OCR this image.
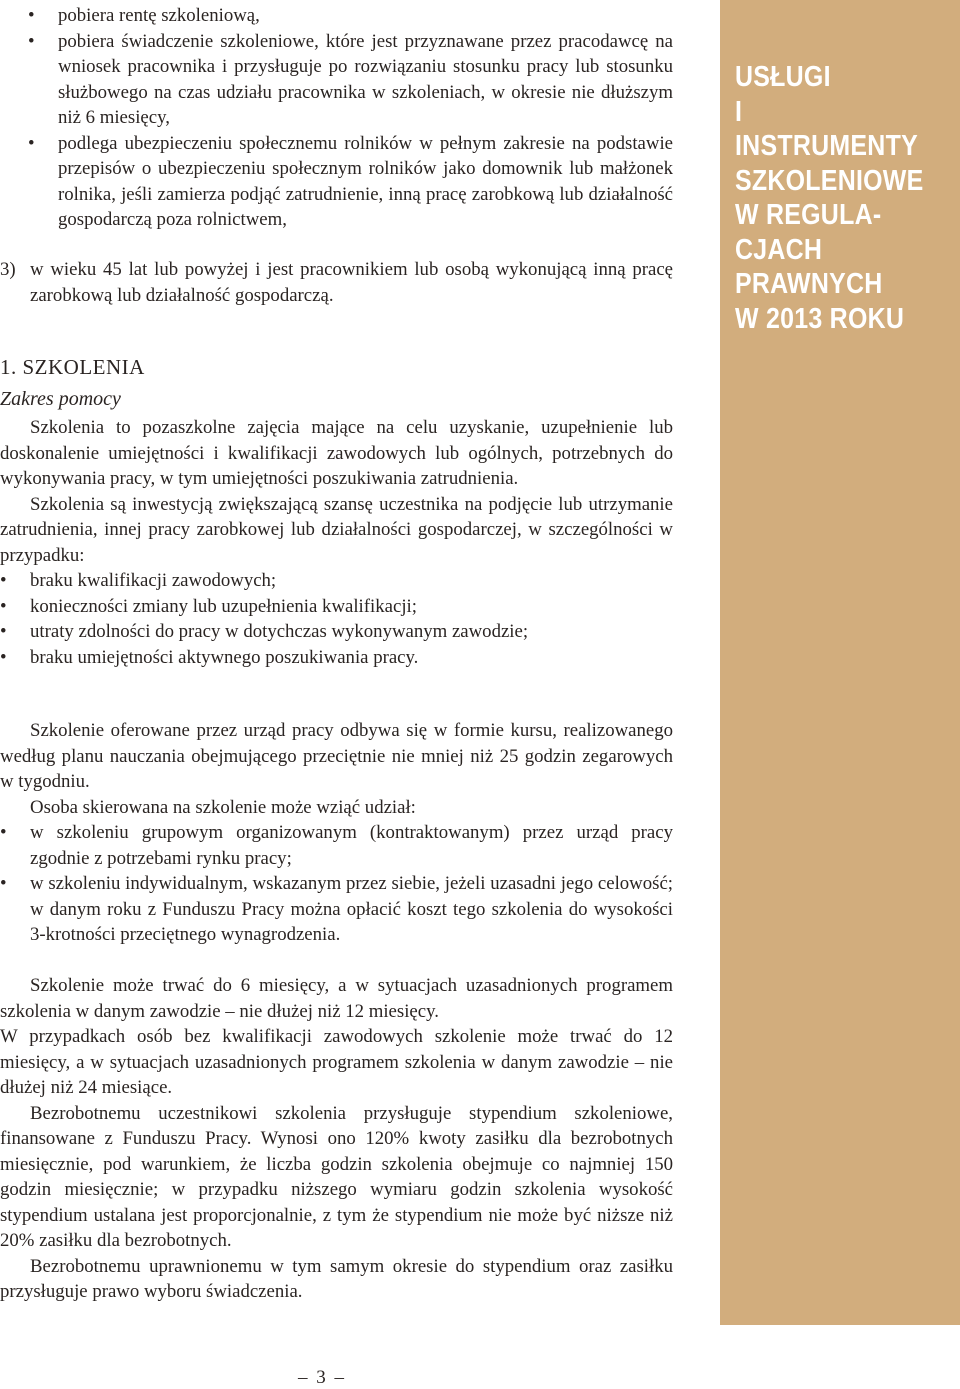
• pobiera rentę szkoleniową,

• pobiera świadczenie szkoleniowe, które jest przyznawane przez pracodawcę na wniosek pracownika i przysługuje po rozwiązaniu stosunku pracy lub stosunku służbowego na czas udziału pracownika w szkoleniach, w okresie nie dłuższym niż 6 miesięcy,

• podlega ubezpieczeniu społecznemu rolników w pełnym zakresie na podstawie przepisów o ubezpieczeniu społecznym rolników jako domownik lub małżonek rolnika, jeśli zamierza podjąć zatrudnienie, inną pracę zarobkową lub działalność gospodarczą poza rolnictwem,

3) w wieku 45 lat lub powyżej i jest pracownikiem lub osobą wykonującą inną pracę zarobkową lub działalność gospodarczą.

1. SZKOLENIA

Zakres pomocy

Szkolenia to pozaszkolne zajęcia mające na celu uzyskanie, uzupełnienie lub doskonalenie umiejętności i kwalifikacji zawodowych lub ogólnych, potrzebnych do wykonywania pracy, w tym umiejętności poszukiwania zatrudnienia.

Szkolenia są inwestycją zwiększającą szansę uczestnika na podjęcie lub utrzymanie zatrudnienia, innej pracy zarobkowej lub działalności gospodarczej, w szczególności w przypadku:

• braku kwalifikacji zawodowych;

• konieczności zmiany lub uzupełnienia kwalifikacji;

• utraty zdolności do pracy w dotychczas wykonywanym zawodzie;

• braku umiejętności aktywnego poszukiwania pracy.

Szkolenie oferowane przez urząd pracy odbywa się w formie kursu, realizowanego według planu nauczania obejmującego przeciętnie nie mniej niż 25 godzin zegarowych w tygodniu.

Osoba skierowana na szkolenie może wziąć udział:

• w szkoleniu grupowym organizowanym (kontraktowanym) przez urząd pracy zgodnie z potrzebami rynku pracy;

• w szkoleniu indywidualnym, wskazanym przez siebie, jeżeli uzasadni jego celowość; w danym roku z Funduszu Pracy można opłacić koszt tego szkolenia do wysokości 3-krotności przeciętnego wynagrodzenia.

Szkolenie może trwać do 6 miesięcy, a w sytuacjach uzasadnionych programem szkolenia w danym zawodzie – nie dłużej niż 12 miesięcy.

W przypadkach osób bez kwalifikacji zawodowych szkolenie może trwać do 12 miesięcy, a w sytuacjach uzasadnionych programem szkolenia w danym zawodzie – nie dłużej niż 24 miesiące.

Bezrobotnemu uczestnikowi szkolenia przysługuje stypendium szkoleniowe, finansowane z Funduszu Pracy. Wynosi ono 120% kwoty zasiłku dla bezrobotnych miesięcznie, pod warunkiem, że liczba godzin szkolenia obejmuje co najmniej 150 godzin miesięcznie; w przypadku niższego wymiaru godzin szkolenia wysokość stypendium ustalana jest proporcjonalnie, z tym że stypendium nie może być niższe niż 20% zasiłku dla bezrobotnych.

Bezrobotnemu uprawnionemu w tym samym okresie do stypendium oraz zasiłku przysługuje prawo wyboru świadczenia.

USŁUGI
I INSTRUMENTY
SZKOLENIOWE
W REGULA-
CJACH
PRAWNYCH
W 2013 ROKU

– 3 –
